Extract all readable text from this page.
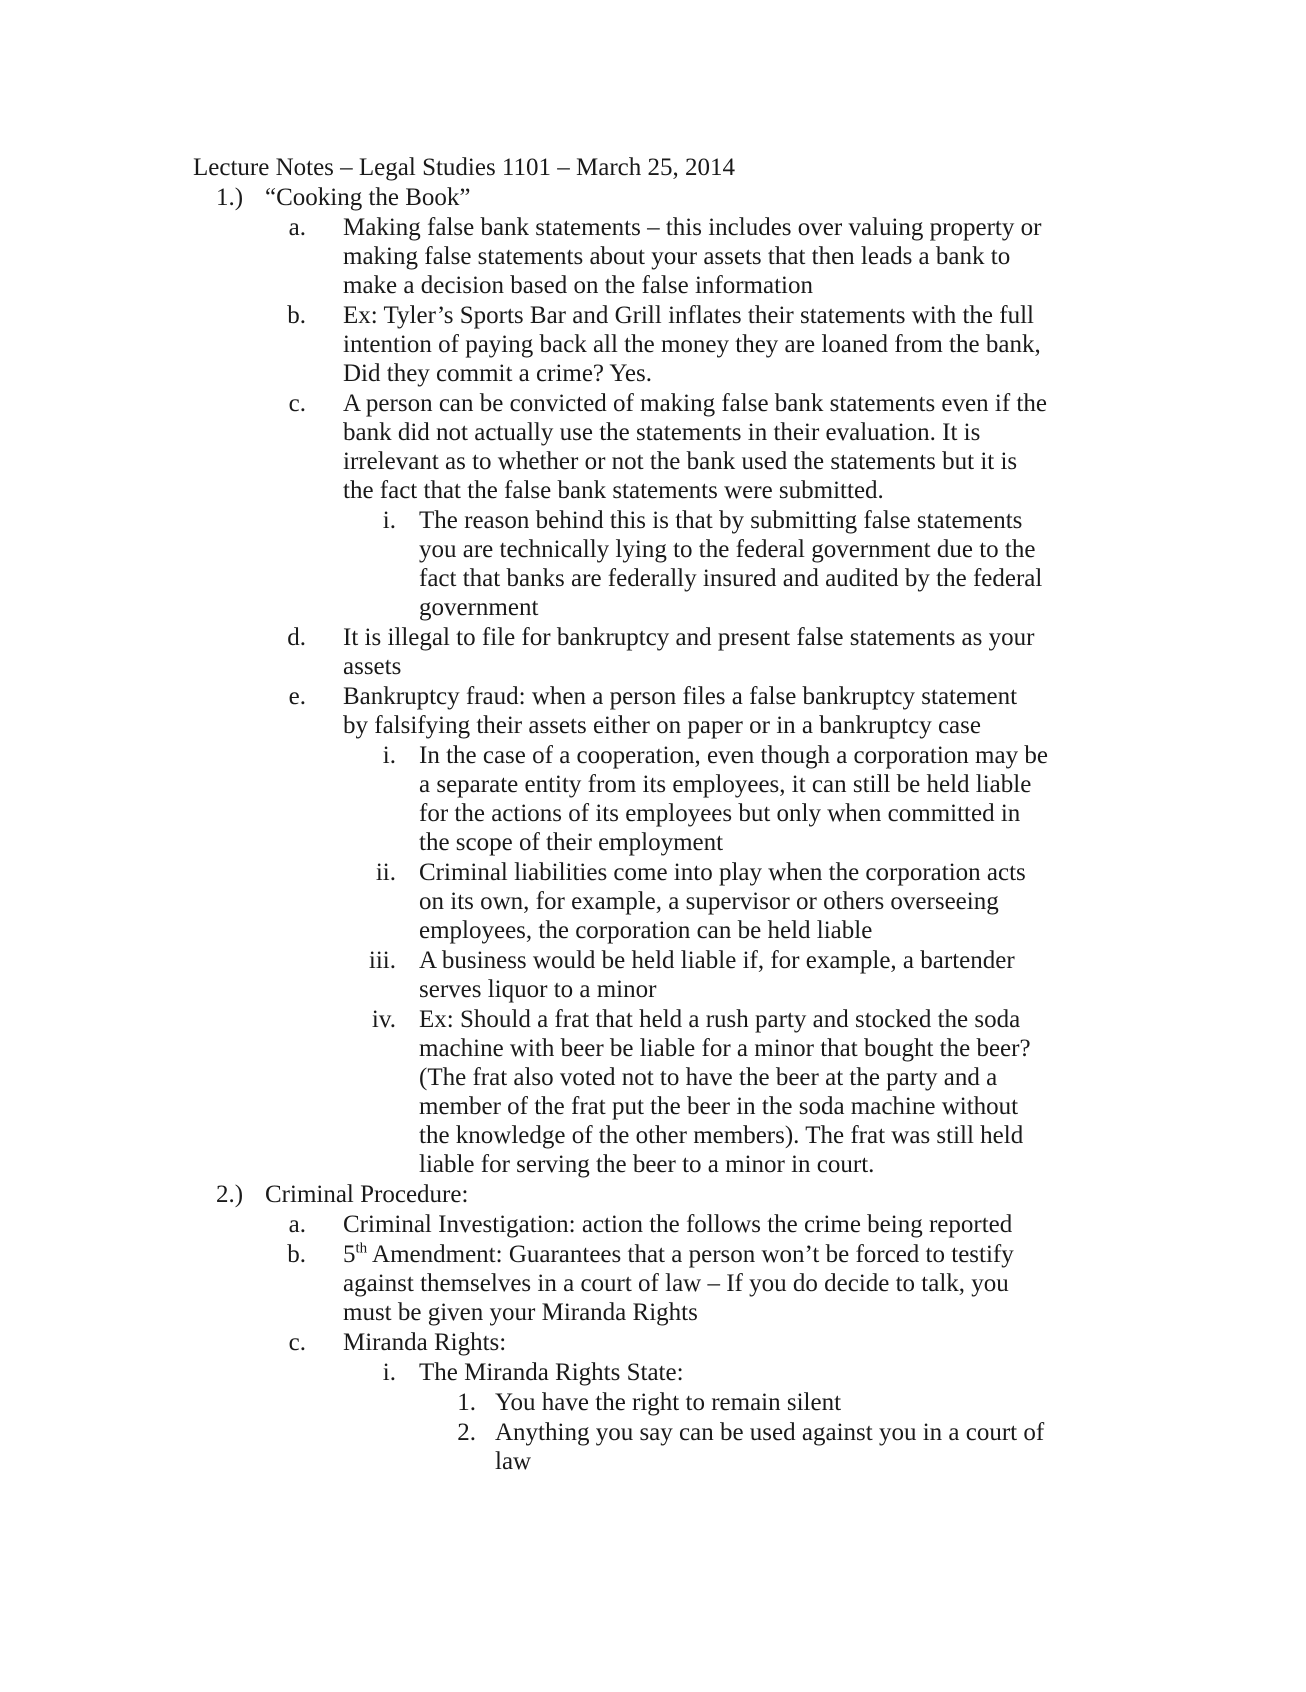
Lecture Notes – Legal Studies 1101 – March 25, 2014
1.) “Cooking the Book”
a. Making false bank statements – this includes over valuing property or
making false statements about your assets that then leads a bank to
make a decision based on the false information
b. Ex: Tyler’s Sports Bar and Grill inflates their statements with the full
intention of paying back all the money they are loaned from the bank,
Did they commit a crime? Yes.
c. A person can be convicted of making false bank statements even if the
bank did not actually use the statements in their evaluation. It is
irrelevant as to whether or not the bank used the statements but it is
the fact that the false bank statements were submitted.
i. The reason behind this is that by submitting false statements
you are technically lying to the federal government due to the
fact that banks are federally insured and audited by the federal
government
d. It is illegal to file for bankruptcy and present false statements as your
assets
e. Bankruptcy fraud: when a person files a false bankruptcy statement
by falsifying their assets either on paper or in a bankruptcy case
i. In the case of a cooperation, even though a corporation may be
a separate entity from its employees, it can still be held liable
for the actions of its employees but only when committed in
the scope of their employment
ii. Criminal liabilities come into play when the corporation acts
on its own, for example, a supervisor or others overseeing
employees, the corporation can be held liable
iii. A business would be held liable if, for example, a bartender
serves liquor to a minor
iv. Ex: Should a frat that held a rush party and stocked the soda
machine with beer be liable for a minor that bought the beer?
(The frat also voted not to have the beer at the party and a
member of the frat put the beer in the soda machine without
the knowledge of the other members). The frat was still held
liable for serving the beer to a minor in court.
2.) Criminal Procedure:
a. Criminal Investigation: action the follows the crime being reported
b. 5th Amendment: Guarantees that a person won’t be forced to testify
against themselves in a court of law – If you do decide to talk, you
must be given your Miranda Rights
c. Miranda Rights:
i. The Miranda Rights State:
1. You have the right to remain silent
2. Anything you say can be used against you in a court of
law
